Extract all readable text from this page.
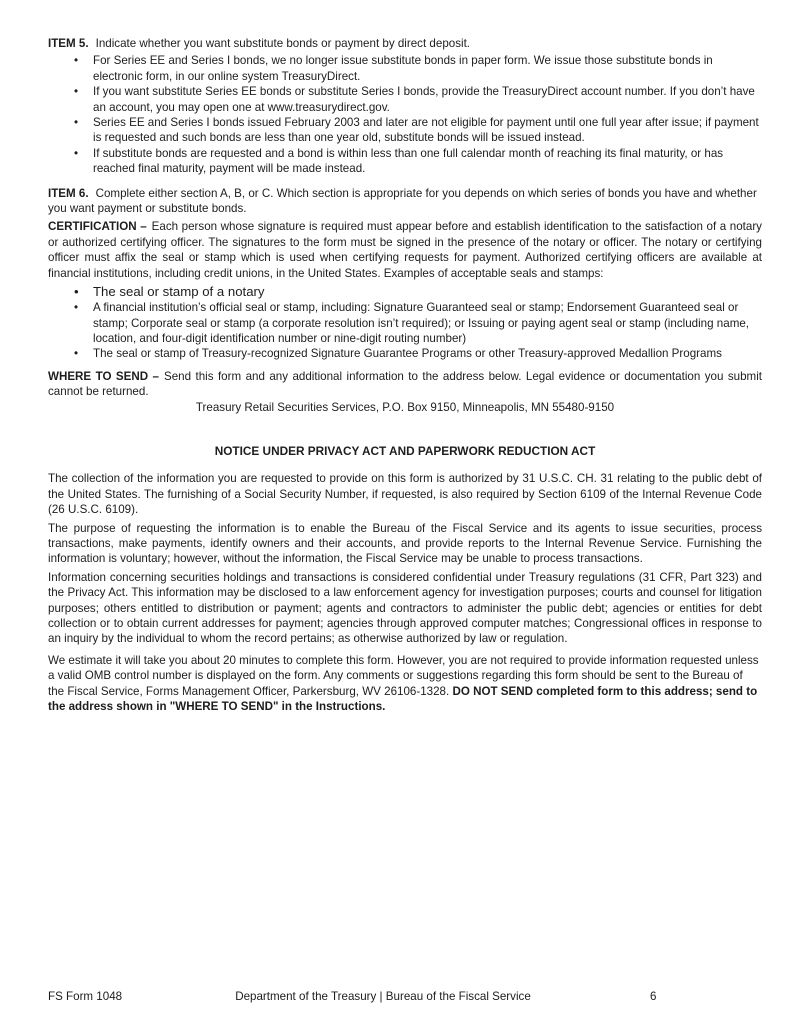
ITEM 5. Indicate whether you want substitute bonds or payment by direct deposit.

• For Series EE and Series I bonds, we no longer issue substitute bonds in paper form. We issue those substitute bonds in electronic form, in our online system TreasuryDirect.
• If you want substitute Series EE bonds or substitute Series I bonds, provide the TreasuryDirect account number. If you don’t have an account, you may open one at www.treasurydirect.gov.
• Series EE and Series I bonds issued February 2003 and later are not eligible for payment until one full year after issue; if payment is requested and such bonds are less than one year old, substitute bonds will be issued instead.
• If substitute bonds are requested and a bond is within less than one full calendar month of reaching its final maturity, or has reached final maturity, payment will be made instead.

ITEM 6. Complete either section A, B, or C. Which section is appropriate for you depends on which series of bonds you have and whether you want payment or substitute bonds.

CERTIFICATION – Each person whose signature is required must appear before and establish identification to the satisfaction of a notary or authorized certifying officer. The signatures to the form must be signed in the presence of the notary or officer. The notary or certifying officer must affix the seal or stamp which is used when certifying requests for payment. Authorized certifying officers are available at financial institutions, including credit unions, in the United States. Examples of acceptable seals and stamps:

• The seal or stamp of a notary
• A financial institution’s official seal or stamp, including: Signature Guaranteed seal or stamp; Endorsement Guaranteed seal or stamp; Corporate seal or stamp (a corporate resolution isn’t required); or Issuing or paying agent seal or stamp (including name, location, and four-digit identification number or nine-digit routing number)
• The seal or stamp of Treasury-recognized Signature Guarantee Programs or other Treasury-approved Medallion Programs

WHERE TO SEND – Send this form and any additional information to the address below. Legal evidence or documentation you submit cannot be returned.

Treasury Retail Securities Services, P.O. Box 9150, Minneapolis, MN 55480-9150

NOTICE UNDER PRIVACY ACT AND PAPERWORK REDUCTION ACT

The collection of the information you are requested to provide on this form is authorized by 31 U.S.C. CH. 31 relating to the public debt of the United States. The furnishing of a Social Security Number, if requested, is also required by Section 6109 of the Internal Revenue Code (26 U.S.C. 6109).

The purpose of requesting the information is to enable the Bureau of the Fiscal Service and its agents to issue securities, process transactions, make payments, identify owners and their accounts, and provide reports to the Internal Revenue Service. Furnishing the information is voluntary; however, without the information, the Fiscal Service may be unable to process transactions.

Information concerning securities holdings and transactions is considered confidential under Treasury regulations (31 CFR, Part 323) and the Privacy Act. This information may be disclosed to a law enforcement agency for investigation purposes; courts and counsel for litigation purposes; others entitled to distribution or payment; agents and contractors to administer the public debt; agencies or entities for debt collection or to obtain current addresses for payment; agencies through approved computer matches; Congressional offices in response to an inquiry by the individual to whom the record pertains; as otherwise authorized by law or regulation.

We estimate it will take you about 20 minutes to complete this form. However, you are not required to provide information requested unless a valid OMB control number is displayed on the form. Any comments or suggestions regarding this form should be sent to the Bureau of the Fiscal Service, Forms Management Officer, Parkersburg, WV 26106-1328. DO NOT SEND completed form to this address; send to the address shown in "WHERE TO SEND" in the Instructions.

FS Form 1048	Department of the Treasury | Bureau of the Fiscal Service	6
